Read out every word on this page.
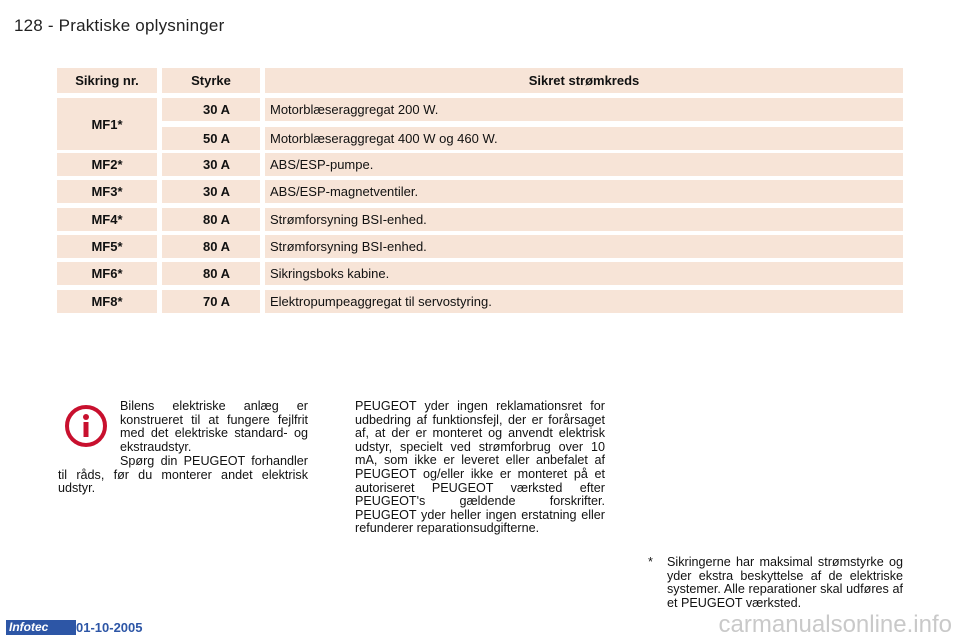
128 - Praktiske oplysninger
Sikring nr.	Styrke	Sikret strømkreds
MF1*
30 A	Motorblæseraggregat 200 W.
50 A	Motorblæseraggregat 400 W og 460 W.
MF2*	30 A	ABS/ESP-pumpe.
MF3*	30 A	ABS/ESP-magnetventiler.
MF4*	80 A	Strømforsyning BSI-enhed.
MF5*	80 A	Strømforsyning BSI-enhed.
MF6*	80 A	Sikringsboks kabine.
MF8*	70 A	Elektropumpeaggregat til servostyring.

Bilens elektriske anlæg er konstrueret til at fungere fejlfrit med det elektriske standard- og ekstraudstyr.

Spørg din PEUGEOT forhandler til råds, før du monterer andet elektrisk udstyr.

PEUGEOT yder ingen reklamationsret for udbedring af funktionsfejl, der er forårsaget af, at der er monteret og anvendt elektrisk udstyr, specielt ved strømforbrug over 10 mA, som ikke er leveret eller anbefalet af PEUGEOT og/eller ikke er monteret på et autoriseret PEUGEOT værksted efter PEUGEOT's gældende forskrifter. PEUGEOT yder heller ingen erstatning eller refunderer reparationsudgifterne.

* Sikringerne har maksimal strømstyrke og yder ekstra beskyttelse af de elektriske systemer. Alle reparationer skal udføres af et PEUGEOT værksted.

Infotec	01-10-2005	carmanualsonline.info
